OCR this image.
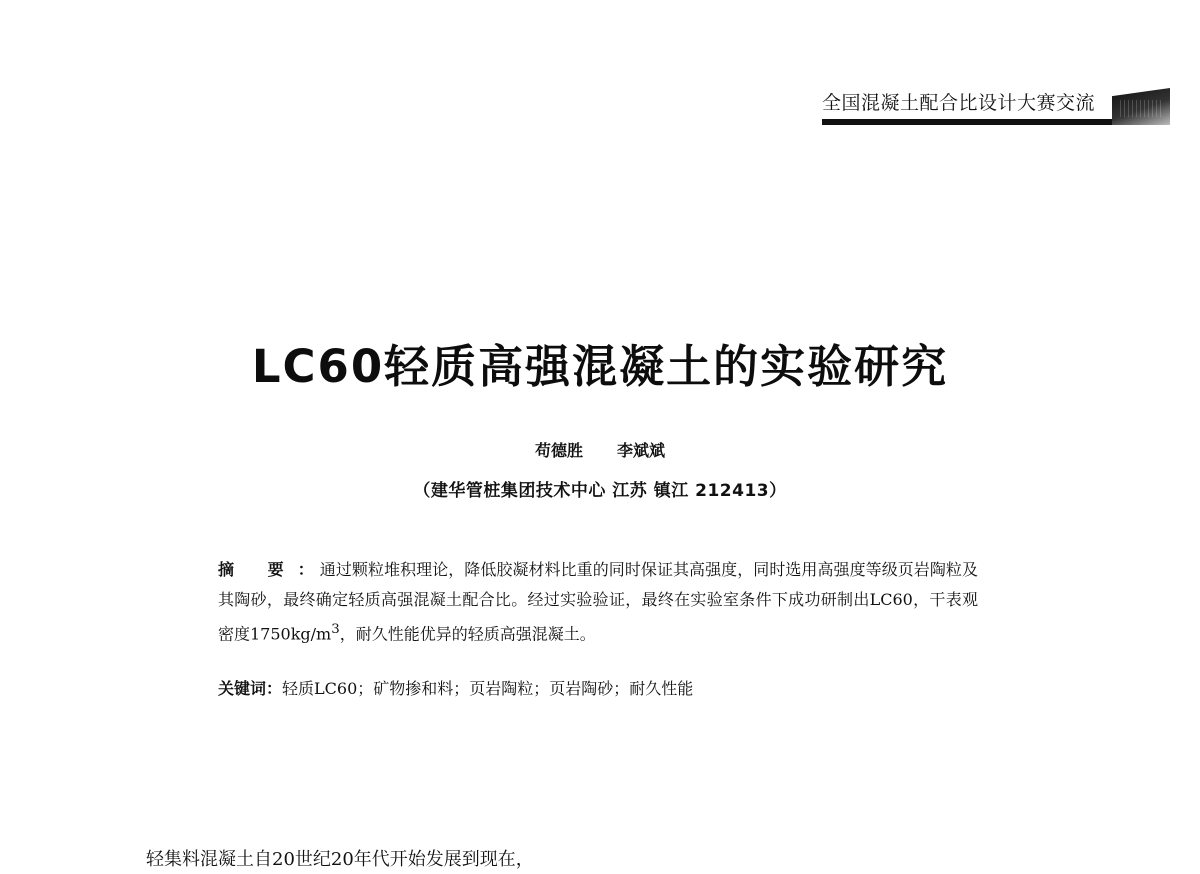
全国混凝土配合比设计大赛交流
LC60轻质高强混凝土的实验研究
苟德胜 李斌斌
（建华管桩集团技术中心 江苏 镇江 212413）
摘 要： 通过颗粒堆积理论，降低胶凝材料比重的同时保证其高强度，同时选用高强度等级页岩陶粒及其陶砂，最终确定轻质高强混凝土配合比。经过实验验证，最终在实验室条件下成功研制出LC60，干表观密度$1750kg/m^3$，耐久性能优异的轻质高强混凝土。
关键词：轻质LC60；矿物掺和料；页岩陶粒；页岩陶砂；耐久性能
轻集料混凝土自20世纪20年代开始发展到现在，
